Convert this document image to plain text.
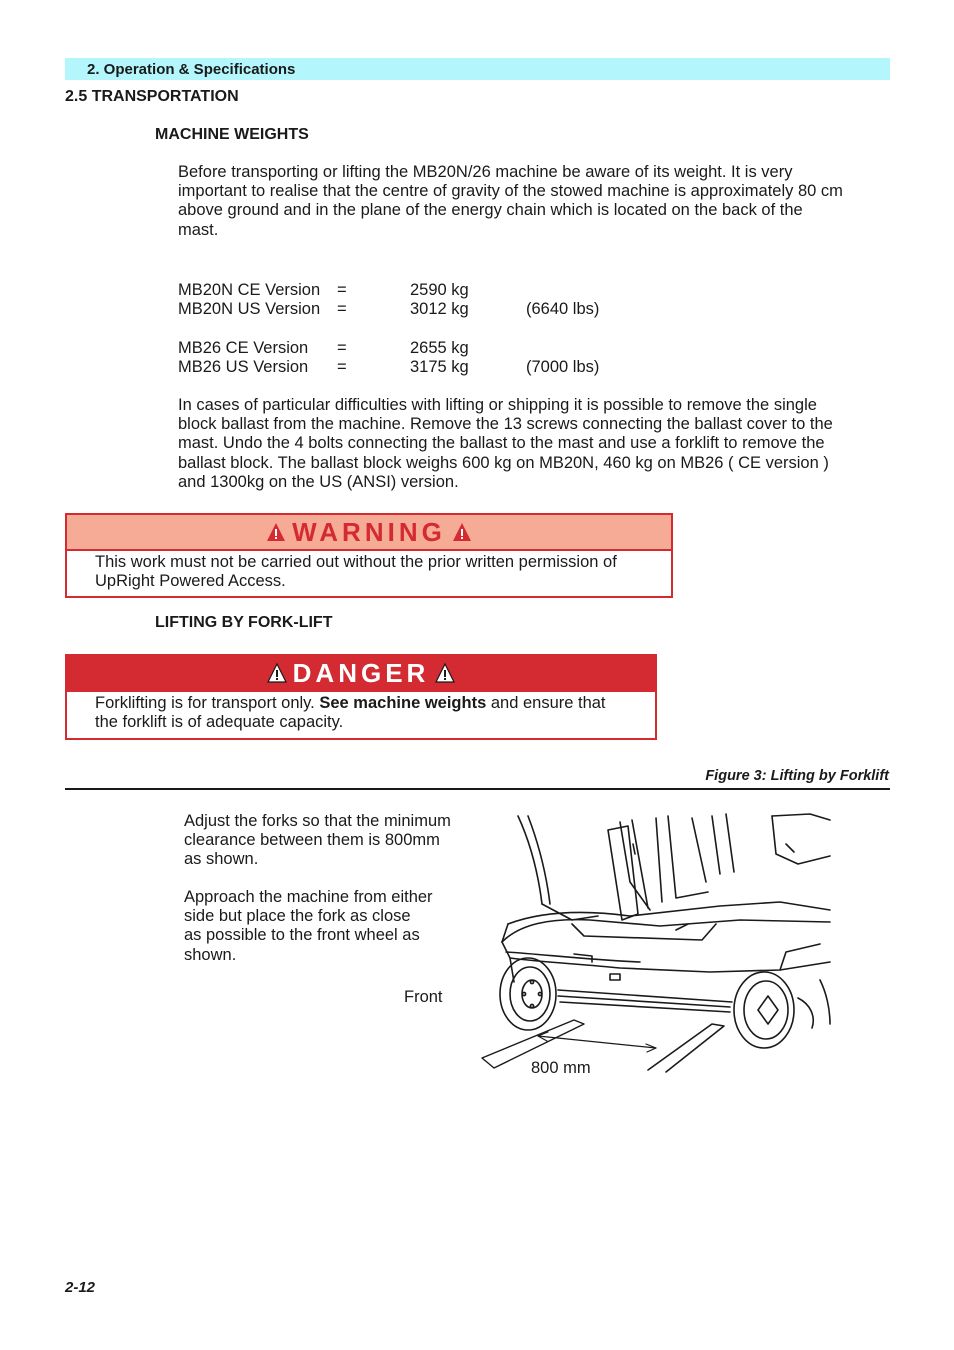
2. Operation & Specifications
2.5 TRANSPORTATION
MACHINE WEIGHTS
Before transporting or lifting the MB20N/26 machine be aware of its weight. It is very
important to realise that the centre of gravity of the stowed machine is approximately 80 cm
above ground and in the plane of the energy chain which is located on the back of the
mast.
MB20N CE Version =	2590 kg
MB20N US Version =	3012 kg	(6640 lbs)
MB26 CE Version =	2655 kg
MB26 US Version =	3175 kg	(7000 lbs)
In cases of particular difficulties with lifting or shipping it is possible to remove the single
block ballast from the machine. Remove the 13 screws connecting the ballast cover to the
mast. Undo the 4 bolts connecting the ballast to the mast and use a forklift to remove the
ballast block. The ballast block weighs 600 kg on MB20N, 460 kg on MB26 ( CE version )
and 1300kg on the US (ANSI) version.
WARNING
This work must not be carried out without the prior written permission of
UpRight Powered Access.
LIFTING BY FORK-LIFT
DANGER
Forklifting is for transport only. See machine weights and ensure that
the forklift is of adequate capacity.
Figure 3: Lifting by Forklift
Adjust the forks so that the minimum
clearance between them is 800mm
as shown.
Approach the machine from either
side but place the fork as close
as possible to the front wheel as
shown.
Front
800 mm
2-12
